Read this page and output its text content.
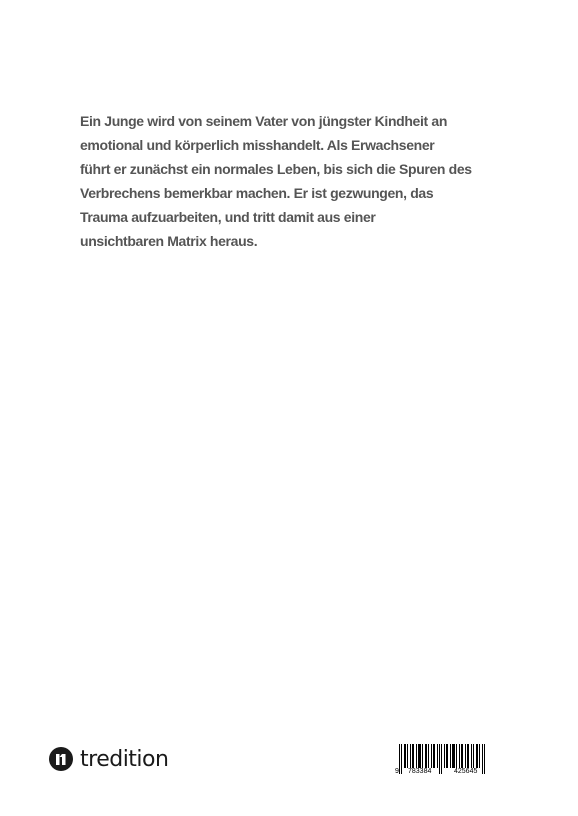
Ein Junge wird von seinem Vater von jüngster Kindheit an
emotional und körperlich misshandelt. Als Erwachsener
führt er zunächst ein normales Leben, bis sich die Spuren des
Verbrechens bemerkbar machen. Er ist gezwungen, das
Trauma aufzuarbeiten, und tritt damit aus einer
unsichtbaren Matrix heraus.
tredition	9 783384	425645
